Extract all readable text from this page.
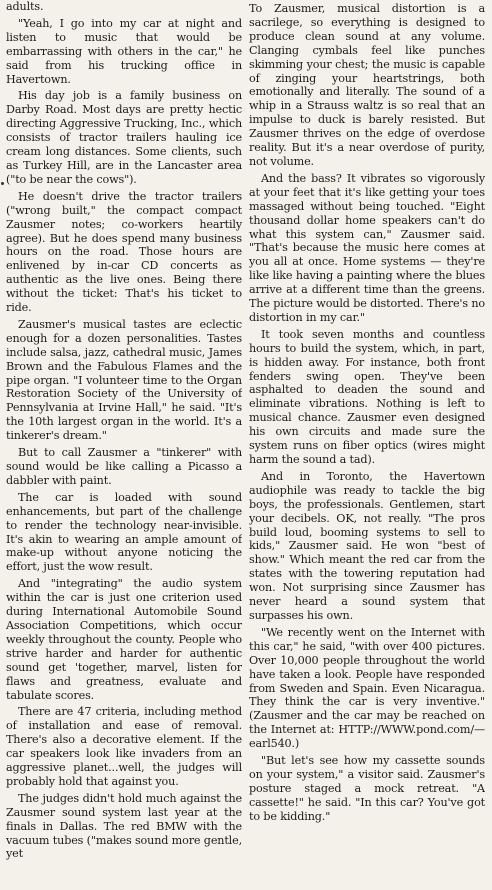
adults.

"Yeah, I go into my car at night and listen to music that would be embarrassing with others in the car," he said from his trucking office in Havertown.

His day job is a family business on Darby Road. Most days are pretty hectic directing Aggressive Trucking, Inc., which consists of tractor trailers hauling ice cream long distances. Some clients, such as Turkey Hill, are in the Lancaster area ("to be near the cows").

He doesn't drive the tractor trailers ("wrong built," the compact compact Zausmer notes; co-workers heartily agree). But he does spend many business hours on the road. Those hours are enlivened by in-car CD concerts as authentic as the live ones. Being there without the ticket: That's his ticket to ride.

Zausmer's musical tastes are eclectic enough for a dozen personalities. Tastes include salsa, jazz, cathedral music, James Brown and the Fabulous Flames and the pipe organ. "I volunteer time to the Organ Restoration Society of the University of Pennsylvania at Irvine Hall," he said. "It's the 10th largest organ in the world. It's a tinkerer's dream."

But to call Zausmer a "tinkerer" with sound would be like calling a Picasso a dabbler with paint.

The car is loaded with sound enhancements, but part of the challenge to render the technology near-invisible. It's akin to wearing an ample amount of make-up without anyone noticing the effort, just the wow result.

And "integrating" the audio system within the car is just one criterion used during International Automobile Sound Association Competitions, which occur weekly throughout the county. People who strive harder and harder for authentic sound get 'together, marvel, listen for flaws and greatness, evaluate and tabulate scores.

There are 47 criteria, including method of installation and ease of removal. There's also a decorative element. If the car speakers look like invaders from an aggressive planet...well, the judges will probably hold that against you.

The judges didn't hold much against the Zausmer sound system last year at the finals in Dallas. The red BMW with the vacuum tubes ("makes sound more gentle, yet

To Zausmer, musical distortion is a sacrilege, so everything is designed to produce clean sound at any volume. Clanging cymbals feel like punches skimming your chest; the music is capable of zinging your heartstrings, both emotionally and literally. The sound of a whip in a Strauss waltz is so real that an impulse to duck is barely resisted. But Zausmer thrives on the edge of overdose reality. But it's a near overdose of purity, not volume.

And the bass? It vibrates so vigorously at your feet that it's like getting your toes massaged without being touched. "Eight thousand dollar home speakers can't do what this system can," Zausmer said. "That's because the music here comes at you all at once. Home systems — they're like like having a painting where the blues arrive at a different time than the greens. The picture would be distorted. There's no distortion in my car."

It took seven months and countless hours to build the system, which, in part, is hidden away. For instance, both front fenders swing open. They've been asphalted to deaden the sound and eliminate vibrations. Nothing is left to musical chance. Zausmer even designed his own circuits and made sure the system runs on fiber optics (wires might harm the sound a tad).

And in Toronto, the Havertown audiophile was ready to tackle the big boys, the professionals. Gentlemen, start your decibels. OK, not really. "The pros build loud, booming systems to sell to kids," Zausmer said. He won "best of show." Which meant the red car from the states with the towering reputation had won. Not surprising since Zausmer has never heard a sound system that surpasses his own.

"We recently went on the Internet with this car," he said, "with over 400 pictures. Over 10,000 people throughout the world have taken a look. People have responded from Sweden and Spain. Even Nicaragua. They think the car is very inventive." (Zausmer and the car may be reached on the Internet at: HTTP://WWW.pond.com/—earl540.)

"But let's see how my cassette sounds on your system," a visitor said. Zausmer's posture staged a mock retreat. "A cassette!" he said. "In this car? You've got to be kidding."
